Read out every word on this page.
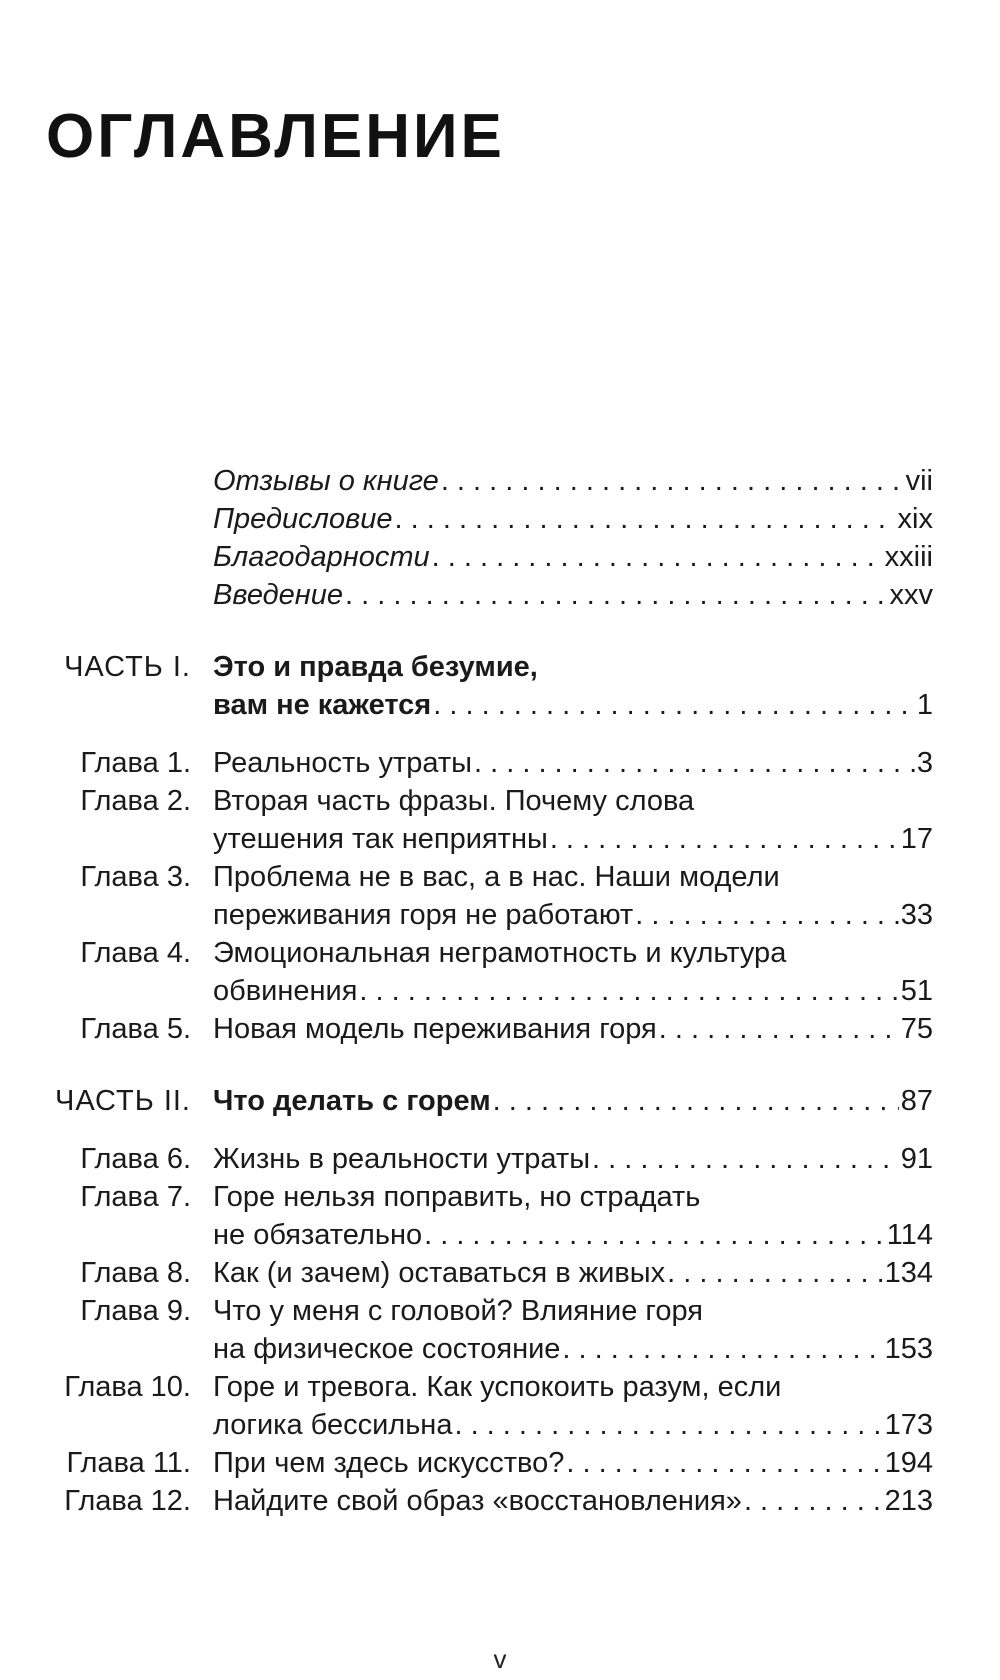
ОГЛАВЛЕНИЕ
Отзывы о книге . . .	vii
Предисловие . . .	xix
Благодарности . . .	xxiii
Введение . . .	xxv
ЧАСТЬ I. Это и правда безумие,
вам не кажется . . .	1
Глава 1. Реальность утраты . . .	3
Глава 2. Вторая часть фразы. Почему слова
утешения так неприятны . . .	17
Глава 3. Проблема не в вас, а в нас. Наши модели
переживания горя не работают . . .	33
Глава 4. Эмоциональная неграмотность и культура
обвинения . . .	51
Глава 5. Новая модель переживания горя . . .	75
ЧАСТЬ II. Что делать с горем . . .	87
Глава 6. Жизнь в реальности утраты . . .	91
Глава 7. Горе нельзя поправить, но страдать
не обязательно . . .	114
Глава 8. Как (и зачем) оставаться в живых . . .	134
Глава 9. Что у меня с головой? Влияние горя
на физическое состояние . . .	153
Глава 10. Горе и тревога. Как успокоить разум, если
логика бессильна . . .	173
Глава 11. При чем здесь искусство? . . .	194
Глава 12. Найдите свой образ «восстановления» . . .	213
v
